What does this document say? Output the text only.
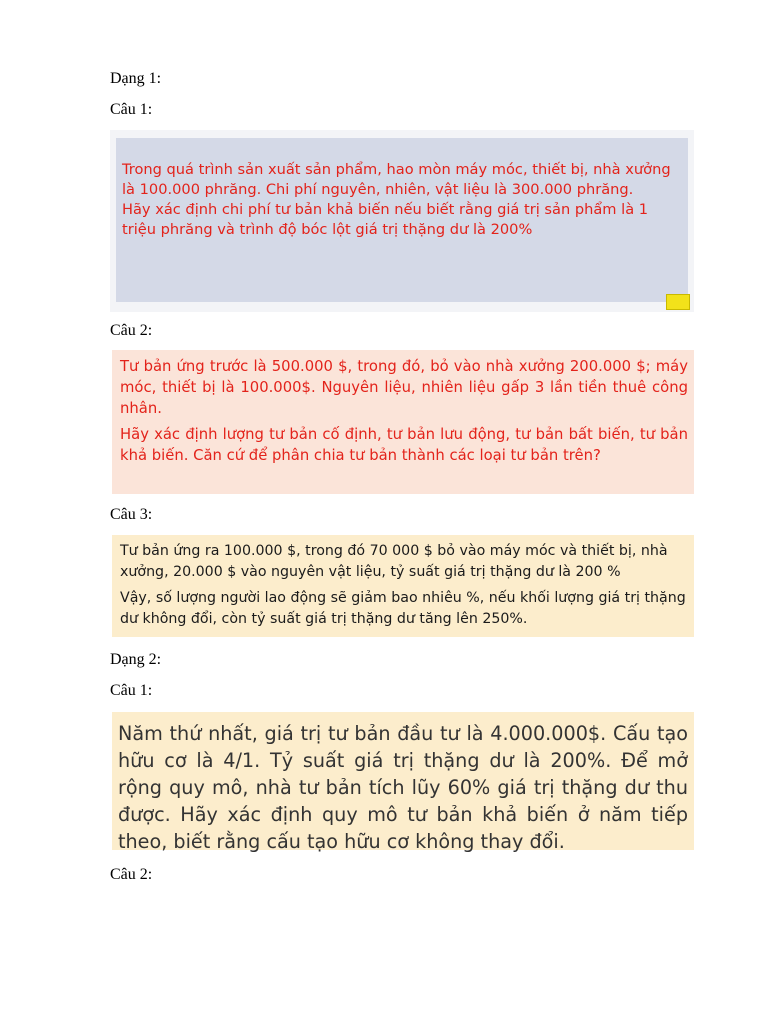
Dạng 1:
Câu 1:

Trong quá trình sản xuất sản phẩm, hao mòn máy móc, thiết bị, nhà xưởng là 100.000 phrăng. Chi phí nguyên, nhiên, vật liệu là 300.000 phrăng.

Hãy xác định chi phí tư bản khả biến nếu biết rằng giá trị sản phẩm là 1 triệu phrăng và trình độ bóc lột giá trị thặng dư là 200%

Câu 2:

Tư bản ứng trước là 500.000 $, trong đó, bỏ vào nhà xưởng 200.000 $; máy móc, thiết bị là 100.000$. Nguyên liệu, nhiên liệu gấp 3 lần tiền thuê công nhân.

Hãy xác định lượng tư bản cố định, tư bản lưu động, tư bản bất biến, tư bản khả biến. Căn cứ để phân chia tư bản thành các loại tư bản trên?

Câu 3:

Tư bản ứng ra 100.000 $, trong đó 70 000 $ bỏ vào máy móc và thiết bị, nhà xưởng, 20.000 $ vào nguyên vật liệu, tỷ suất giá trị thặng dư là 200 %

Vậy, số lượng người lao động sẽ giảm bao nhiêu %, nếu khối lượng giá trị thặng dư không đổi, còn tỷ suất giá trị thặng dư tăng lên 250%.

Dạng 2:
Câu 1:

Năm thứ nhất, giá trị tư bản đầu tư là 4.000.000$. Cấu tạo hữu cơ là 4/1. Tỷ suất giá trị thặng dư là 200%. Để mở rộng quy mô, nhà tư bản tích lũy 60% giá trị thặng dư thu được. Hãy xác định quy mô tư bản khả biến ở năm tiếp theo, biết rằng cấu tạo hữu cơ không thay đổi.

Câu 2:
